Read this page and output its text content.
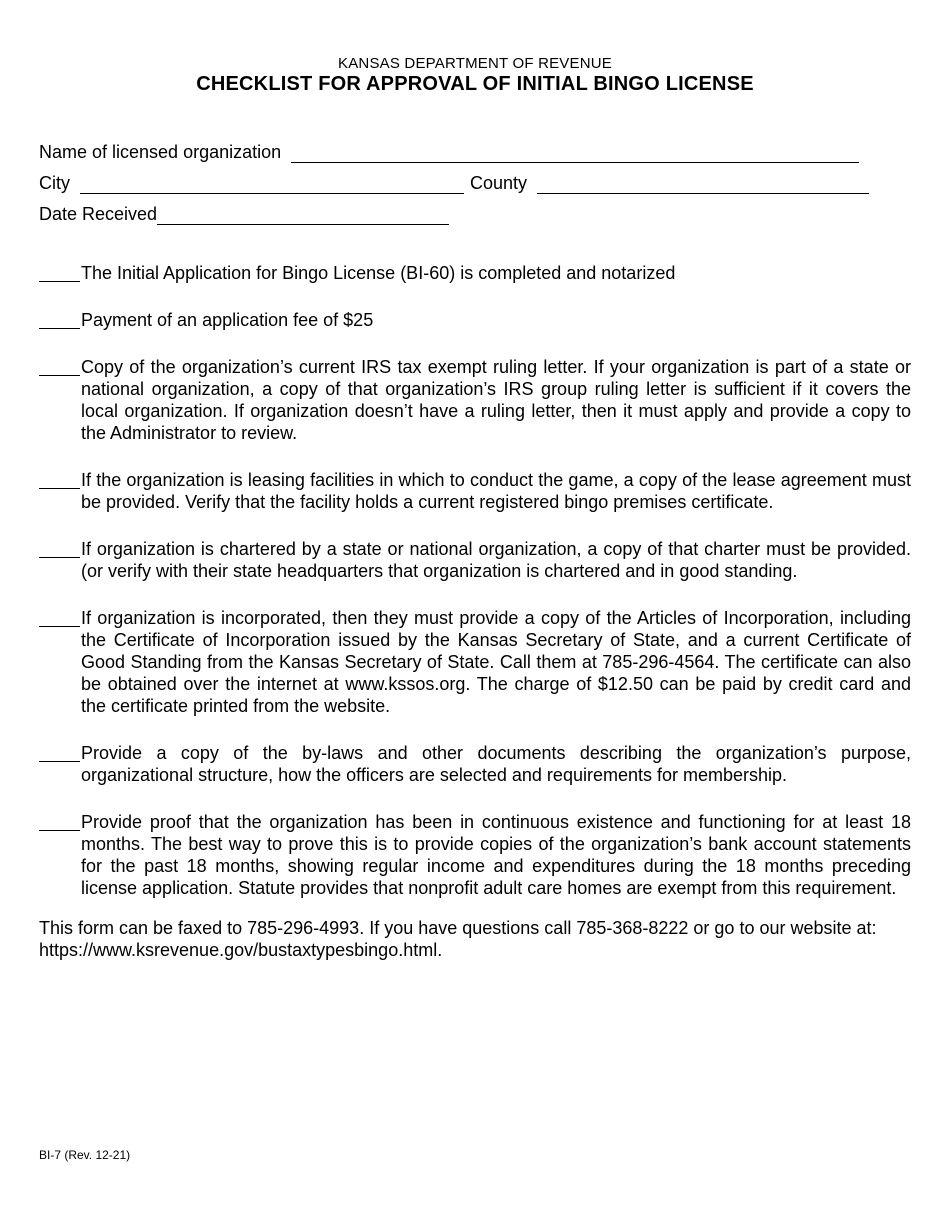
KANSAS DEPARTMENT OF REVENUE
CHECKLIST FOR APPROVAL OF INITIAL BINGO LICENSE
Name of licensed organization
City	County
Date Received
The Initial Application for Bingo License (BI-60) is completed and notarized
Payment of an application fee of $25
Copy of the organization’s current IRS tax exempt ruling letter. If your organization is part of a state or national organization, a copy of that organization’s IRS group ruling letter is sufficient if it covers the local organization. If organization doesn’t have a ruling letter, then it must apply and provide a copy to the Administrator to review.
If the organization is leasing facilities in which to conduct the game, a copy of the lease agreement must be provided. Verify that the facility holds a current registered bingo premises certificate.
If organization is chartered by a state or national organization, a copy of that charter must be provided. (or verify with their state headquarters that organization is chartered and in good standing.
If organization is incorporated, then they must provide a copy of the Articles of Incorporation, including the Certificate of Incorporation issued by the Kansas Secretary of State, and a current Certificate of Good Standing from the Kansas Secretary of State. Call them at 785-296-4564. The certificate can also be obtained over the internet at www.kssos.org. The charge of $12.50 can be paid by credit card and the certificate printed from the website.
Provide a copy of the by-laws and other documents describing the organization’s purpose, organizational structure, how the officers are selected and requirements for membership.
Provide proof that the organization has been in continuous existence and functioning for at least 18 months. The best way to prove this is to provide copies of the organization’s bank account statements for the past 18 months, showing regular income and expenditures during the 18 months preceding license application. Statute provides that nonprofit adult care homes are exempt from this requirement.
This form can be faxed to 785-296-4993. If you have questions call 785-368-8222 or go to our website at:
https://www.ksrevenue.gov/bustaxtypesbingo.html.
BI-7 (Rev. 12-21)
